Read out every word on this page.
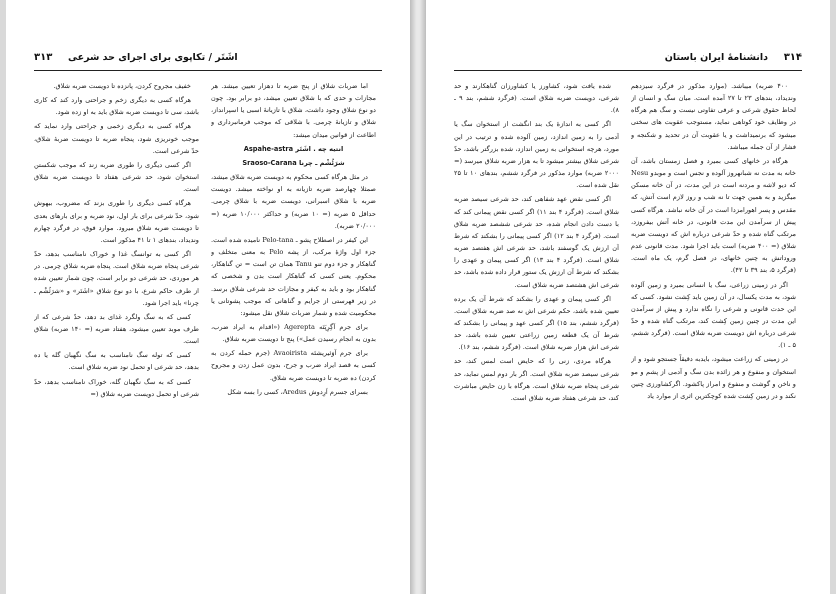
۳۱۳ اشَتَر / تکاپوی برای اجرای حد شرعی

اما ضربات شلاق از پنج ضربه تا دهزار تعیین میشد. هر مجازات و حدی که با شلاق تعیین میشد، دو برابر بود. چون دو نوع شلاق وجود داشت، شلاق با تازیانهٔ اسبی یا اسپرانداز، شلاق و تازیانهٔ چرمی. با شلاقی که موجب فرمانبرداری و اطاعت از قوانین میدان میشد:

انتیه چه . اشَتَر Aspahe-astra

شرَئُشْم ـ چرنا Sraoso-Carana

در مثل هرگاه کسی محکوم به دویست ضربه شلاق میشد، صمثلا چهارصد ضربه تازیانه به او نواخته میشد. دویست ضربه با شلاق اسبرانی، دویست ضربه با شلاق چرمی. حداقل ۵ ضربه (= ۱۰ ضربه) و حداکثر ۱۰/۰۰۰ ضربه (= ۲۰/۰۰۰ ضربه).

این کیفر در اصطلاح پشو ـ Pelo-tana نامیده شده است. جزء اول واژهٔ مرکب، از پشه Pelo به معنی متخلف و گناهکار و جزء دوم تنو Tanu همان تن است = تن گناهکار، محکوم. یعنی کسی که گناهکار است بدن و شخصی که گناهکار بود و باید به کیفر و مجازات حد شرعی شلاق برسد. در زیر فهرستی از جرایم و گناهانی که موجب پشوتانی یا محکومیت شده و شمار ضربات شلاق نقل میشود:

برای جرم آگِرِپَتَه Agerepta («اقدام به ایراد ضرب، بدون به انجام رسیدن عمل») پنج تا دویست ضربه شلاق.

برای جرم آوَئیریشتَه Avaoirista (جرم حمله کردن به کسی به قصد ایراد ضرب و جرح، بدون عمل زدن و مجروح کردن) ده ضربه تا دویست ضربه شلاق.

بسرای جسرم اَرِدوش Aredus، کسی را بسه شکل

خفیف مجروح کردن، پانزده تا دویست ضربه شلاق.

هرگاه کسی به دیگری زخم و جراحتی وارد کند که کاری باشد، سی تا دویست ضربه شلاق باید به او زده شود.

هرگاه کسی به دیگری زخمی و جراحتی وارد نماید که موجب خونریزی شود، پنجاه ضربه تا دویست ضربهٔ شلاق، حدّ شرعی است.

اگر کسی دیگری را طوری ضربه زند که موجب شکستن استخوان شود، حد شرعی هفتاد تا دویست ضربه شلاق است.

هرگاه کسی دیگری را طوری بزند که مضروب، بیهوش شود، حدّ شرعی برای بار اول، نود ضربه و برای بارهای بعدی تا دویست ضربه شلاق میرود. موارد فوق، در فرگرد چهارم وندیداد، بندهای ۱ تا ۴۱ مذکور است.

اگر کسی به توانسگ غذا و خوراک نامناسب بدهد، حدّ شرعی پنجاه ضربه شلاق است. پنجاه ضربه شلاق چرمی. در هر موردی، حد شرعی دو برابر است، چون شمار تعیین شده از طرف حاکم شرع، با دو نوع شلاق «اشَتَر» و «شرَئُشْم ـ چرنا» باید اجرا شود.

کسی که به سگ ولگرد غذای بد دهد، حدّ شرعی که از طرف موبد تعیین میشود، هفتاد ضربه (= ۱۴۰ ضربه) شلاق است.

کسی که توله سگ نامناسب به سگ نگهبان گله یا ده بدهد، حد شرعی او تحمل نود ضربه شلاق است.

کسی که به سگ نگهبان گله، خوراک نامناسب بدهد، حدّ شرعی او تحمل دویست ضربه شلاق (=

۳۱۴
دانشنامهٔ ایران باستان

۴۰۰ ضربه) میباشد. (موارد مذکور در فرگرد سیزدهم وندیداد، بندهای ۲۳ تا ۲۷ آمده است. میان سگ و انسان از لحاظ حقوق شرعی و عرفی تفاوتی نیست و سگ هم هرگاه در وظایف خود کوتاهی نماید، مستوجب عقوبت های سختی میشود که برنمیداشت و یا عقوبت آن در تحدید و شکنجه و فشار از آن جمله میباشد.

هرگاه در خانهای کسی بمیرد و فصل زمستان باشد، آن خانه به مدت نه شبانهروز آلوده و نجس است و موبدو Nesu که دیو لاشه و مردنه است در این مدت، در آن خانه مسکن میگزید و به همین جهت تا نه شب و روز لازم است آتش، که مقدس و پسر اهورامزدا است در آن خانه نباشد. هرگاه کسی پیش از سرآمدن این مدت قانونی، در خانه آتش بیفروزد، مرتکب گناه شده و حدّ شرعی درباره اش که دویست ضربه شلاق (= ۴۰۰ ضربه) است باید اجرا شود. مدت قانونی عدم وروداتش به چنین خانهای، در فصل گرم، یک ماه است. (فرگرد ۵، بند ۳۹ تا ۴۲).

اگر در زمینی زراعی، سگ یا انسانی بمیرد و زمین آلوده شود، به مدت یکسال، در آن زمین باید کِشت نشود. کسی که این حدت قانونی و شرعی را نگاه ندارد و پیش از سرآمدن این مدت در چنین زمین کِشت کند، مرتکب گناه شده و حدّ شرعی درباره اش دویست ضربه شلاق است. (فرگرد ششم، ۵ ـ ۱).

در زمینی که زراعت میشود، بایدبه دقیقاً جستجو شود و از استخوان و منفوع و هر زائده بدن سگ و آدمی از پشم و مو و ناخن و گوشت و منفوع و امراز پاکشود. اگرکشاورزی چنین نکند و در زمین کِشت شده کوچکترین اثری از موارد یاد

شده یافت شود، کشاورز یا کشاورزان گناهکارند و حد شرعی، دویست ضربه شلاق است. (فرگرد ششم، بند ۹ ـ ۸).

اگر کسی به اندازهٔ یک بند انگشت از استخوان سگ یا آدمی را به زمین اندازد، زمین آلوده شده و ترتیب در این مورد، هرچه استخوانی به زمین اندازد، شده بزرگتر باشد، حدّ شرعی شلاق بیشتر میشود تا به هزار ضربه شلاق میرسد (= ۲۰۰۰ ضربه) موارد مذکور در فرگرد ششم، بندهای ۱۰ تا ۲۵ نقل شده است.

اگر کسی نقض عهد شفاهی کند، حد شرعی سیصد ضربه شلاق است. (فرگرد ۴ بند ۱۱) اگر کسی نقض پیمانی کند که با دست دادن انجام شده، حد شرعی ششصد ضربه شلاق است. (فرگرد ۴ بند ۱۲) اگر کسی پیمانی را بشکند که شرط آن ارزش یک گوسفند باشد، حد شرعی اش هفتصد ضربه شلاق است. (فرگرد ۴ بند ۱۳) اگر کسی پیمان و عهدی را بشکند که شرط آن ارزش یک ستور قرار داده شده باشد، حد شرعی اش هشتصد ضربه شلاق است.

اگر کسی پیمان و عهدی را بشکند که شرط آن یک برده تعیین شده باشد، حکم شرعی اش نه صد ضربه شلاق است. (فرگرد ششم، بند ۱۵) اگر کسی عهد و پیمانی را بشکند که شرط آن یک قطعه زمین زراعتی تعیین شده باشد، حد شرعی اش هزار ضربه شلاق است. (فرگرد ششم، بند ۱۶).

هرگاه مردی، زنی را که حایض است لمس کند، حد شرعی سیصد ضربه شلاق است. اگر بار دوم لمس نماید، حد شرعی پنجاه ضربه شلاق است. هرگاه با زن حایض مباشرت کند، حد شرعی هفتاد ضربه شلاق است.
